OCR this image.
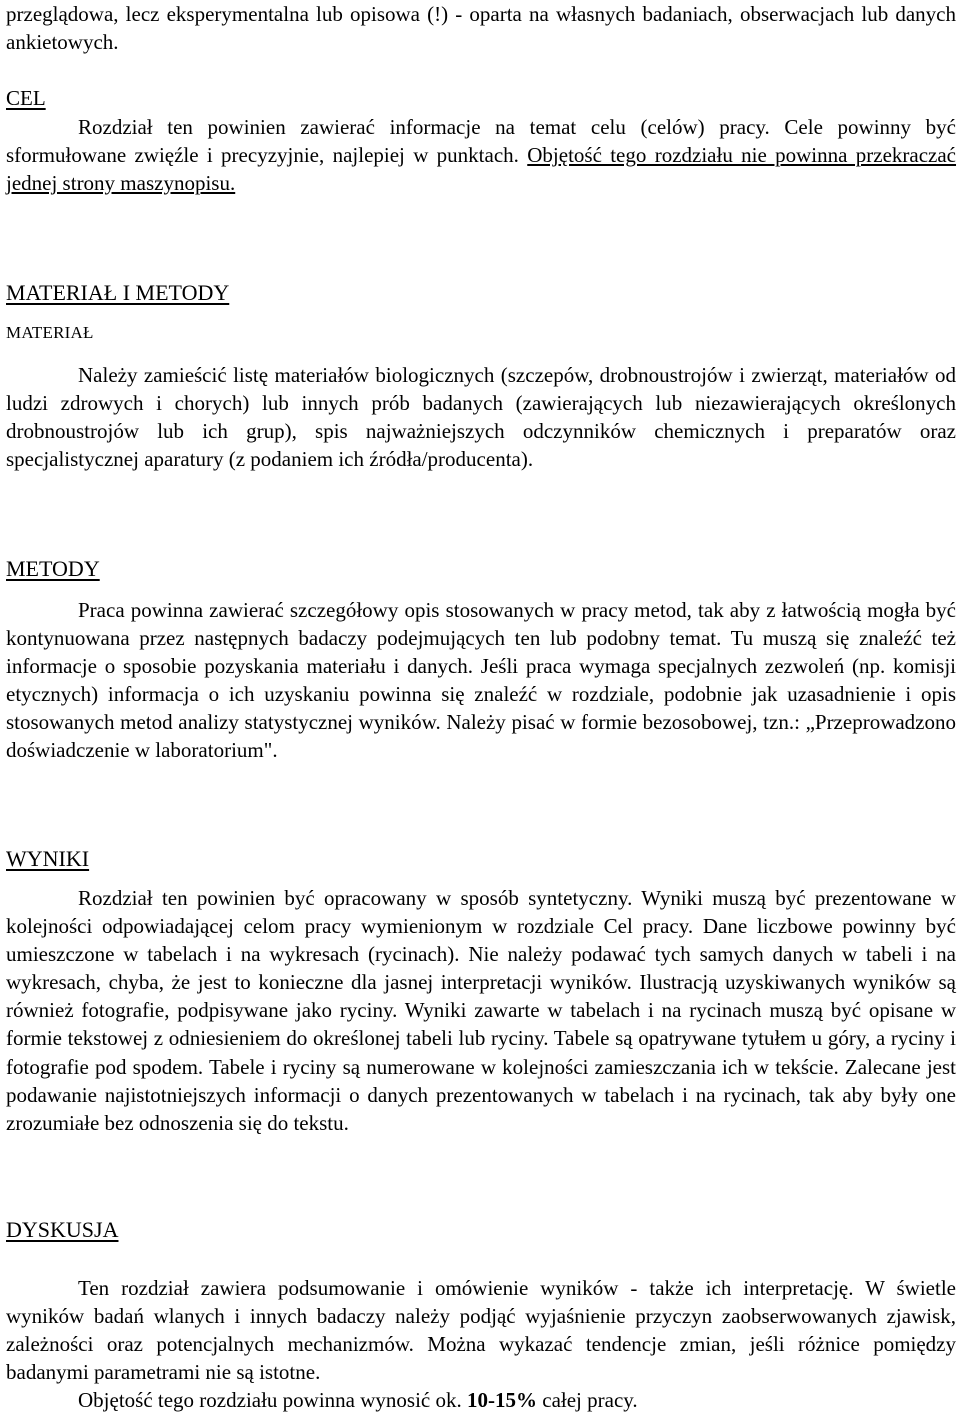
przeglądowa, lecz eksperymentalna lub opisowa (!) - oparta na własnych badaniach, obserwacjach lub danych ankietowych.

CEL

Rozdział ten powinien zawierać informacje na temat celu (celów) pracy. Cele powinny być sformułowane zwięźle i precyzyjnie, najlepiej w punktach. Objętość tego rozdziału nie powinna przekraczać jednej strony maszynopisu.

MATERIAŁ I METODY
MATERIAŁ

Należy zamieścić listę materiałów biologicznych (szczepów, drobnoustrojów i zwierząt, materiałów od ludzi zdrowych i chorych) lub innych prób badanych (zawierających lub niezawierających określonych drobnoustrojów lub ich grup), spis najważniejszych odczynników chemicznych i preparatów oraz specjalistycznej aparatury (z podaniem ich źródła/producenta).

METODY

Praca powinna zawierać szczegółowy opis stosowanych w pracy metod, tak aby z łatwością mogła być kontynuowana przez następnych badaczy podejmujących ten lub podobny temat. Tu muszą się znaleźć też informacje o sposobie pozyskania materiału i danych. Jeśli praca wymaga specjalnych zezwoleń (np. komisji etycznych) informacja o ich uzyskaniu powinna się znaleźć w rozdziale, podobnie jak uzasadnienie i opis stosowanych metod analizy statystycznej wyników. Należy pisać w formie bezosobowej, tzn.: „Przeprowadzono doświadczenie w laboratorium".

WYNIKI

Rozdział ten powinien być opracowany w sposób syntetyczny. Wyniki muszą być prezentowane w kolejności odpowiadającej celom pracy wymienionym w rozdziale Cel pracy. Dane liczbowe powinny być umieszczone w tabelach i na wykresach (rycinach). Nie należy podawać tych samych danych w tabeli i na wykresach, chyba, że jest to konieczne dla jasnej interpretacji wyników. Ilustracją uzyskiwanych wyników są również fotografie, podpisywane jako ryciny. Wyniki zawarte w tabelach i na rycinach muszą być opisane w formie tekstowej z odniesieniem do określonej tabeli lub ryciny. Tabele są opatrywane tytułem u góry, a ryciny i fotografie pod spodem. Tabele i ryciny są numerowane w kolejności zamieszczania ich w tekście. Zalecane jest podawanie najistotniejszych informacji o danych prezentowanych w tabelach i na rycinach, tak aby były one zrozumiałe bez odnoszenia się do tekstu.

DYSKUSJA

Ten rozdział zawiera podsumowanie i omówienie wyników - także ich interpretację. W świetle wyników badań wlanych i innych badaczy należy podjąć wyjaśnienie przyczyn zaobserwowanych zjawisk, zależności oraz potencjalnych mechanizmów. Można wykazać tendencje zmian, jeśli różnice pomiędzy badanymi parametrami nie są istotne.

Objętość tego rozdziału powinna wynosić ok. 10-15% całej pracy.
